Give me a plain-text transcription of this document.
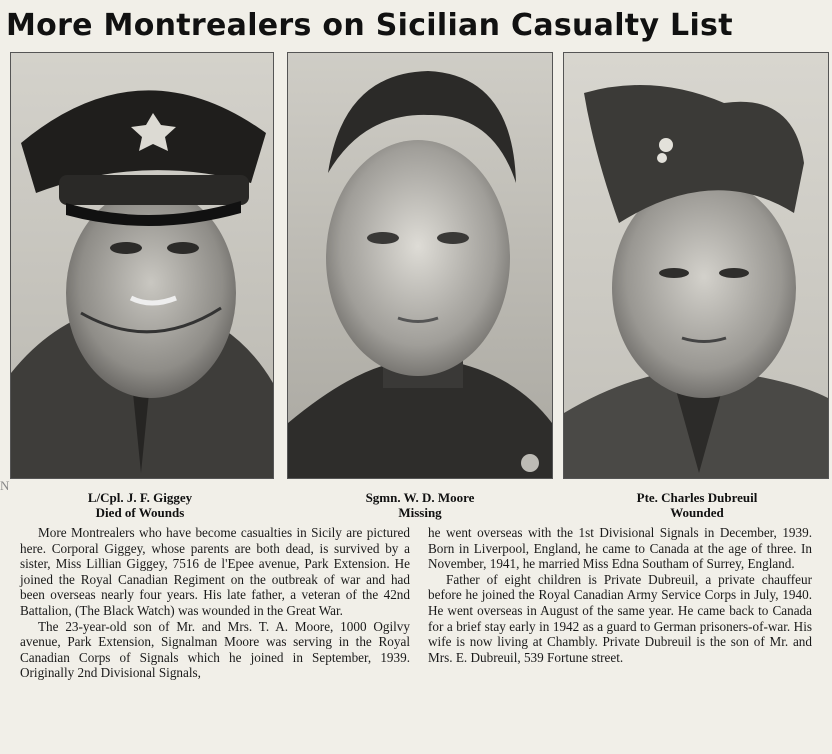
More Montrealers on Sicilian Casualty List
N
L/Cpl. J. F. Giggey
Died of Wounds
Sgmn. W. D. Moore
Missing
Pte. Charles Dubreuil
Wounded

More Montrealers who have become casualties in Sicily are pictured here. Corporal Giggey, whose parents are both dead, is survived by a sister, Miss Lillian Giggey, 7516 de l'Epee avenue, Park Extension. He joined the Royal Canadian Regiment on the outbreak of war and had been overseas nearly four years. His late father, a veteran of the 42nd Battalion, (The Black Watch) was wounded in the Great War.

The 23-year-old son of Mr. and Mrs. T. A. Moore, 1000 Ogilvy avenue, Park Extension, Signalman Moore was serving in the Royal Canadian Corps of Signals which he joined in September, 1939. Originally 2nd Divisional Signals,

he went overseas with the 1st Divisional Signals in December, 1939. Born in Liverpool, England, he came to Canada at the age of three. In November, 1941, he married Miss Edna Southam of Surrey, England.

Father of eight children is Private Dubreuil, a private chauffeur before he joined the Royal Canadian Army Service Corps in July, 1940. He went overseas in August of the same year. He came back to Canada for a brief stay early in 1942 as a guard to German prisoners-of-war. His wife is now living at Chambly. Private Dubreuil is the son of Mr. and Mrs. E. Dubreuil, 539 Fortune street.
